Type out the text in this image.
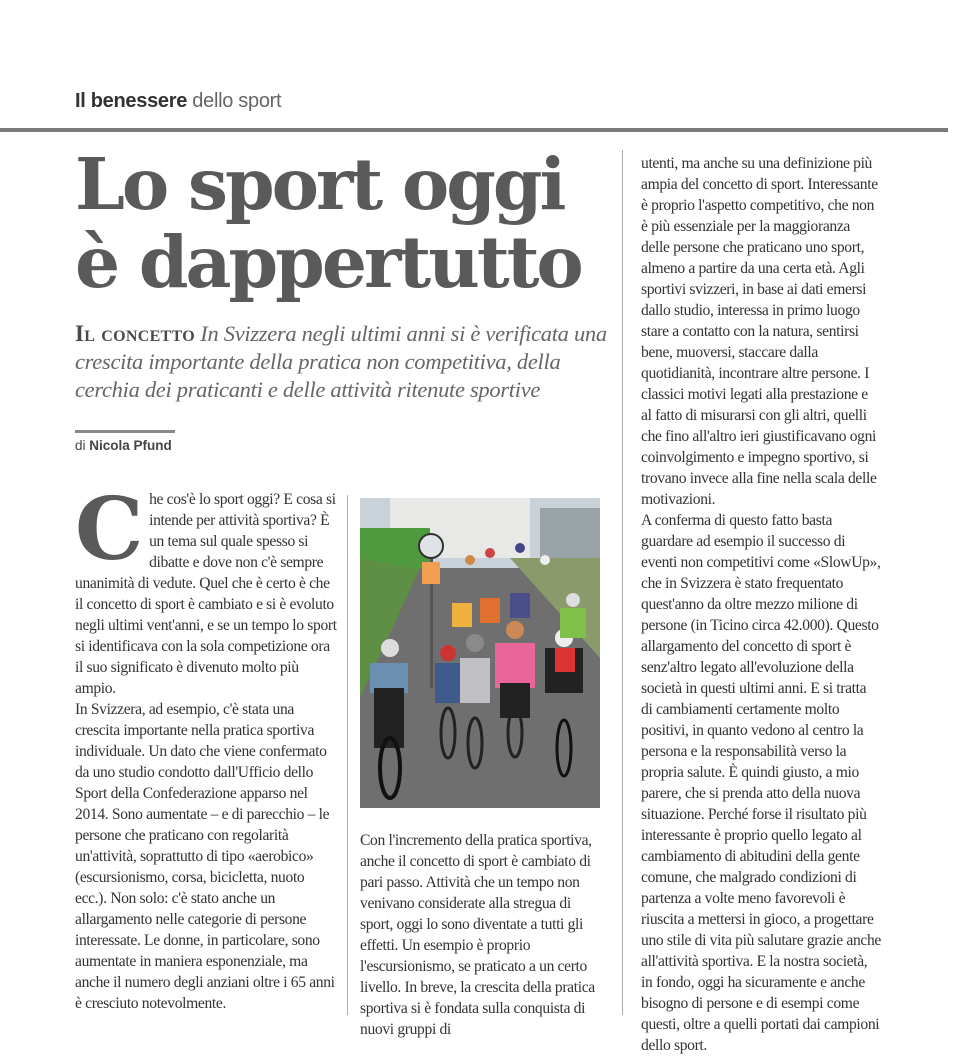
Il benessere dello sport
Lo sport oggi
è dappertutto
Il concetto In Svizzera negli ultimi anni si è verificata una crescita importante della pratica non competitiva, della cerchia dei praticanti e delle attività ritenute sportive
di Nicola Pfund
C he cos'è lo sport oggi? E cosa si intende per attività sportiva? È un tema sul quale spesso si dibatte e dove non c'è sempre unanimità di vedute. Quel che è certo è che il concetto di sport è cambiato e si è evoluto negli ultimi vent'anni, e se un tempo lo sport si identificava con la sola competizione ora il suo significato è divenuto molto più ampio.

In Svizzera, ad esempio, c'è stata una crescita importante nella pratica sportiva individuale. Un dato che viene confermato da uno studio condotto dall'Ufficio dello Sport della Confederazione apparso nel 2014. Sono aumentate – e di parecchio – le persone che praticano con regolarità un'attività, soprattutto di tipo «aerobico» (escursionismo, corsa, bicicletta, nuoto ecc.). Non solo: c'è stato anche un allargamento nelle categorie di persone interessate. Le donne, in particolare, sono aumentate in maniera esponenziale, ma anche il numero degli anziani oltre i 65 anni è cresciuto notevolmente.

Con l'incremento della pratica sportiva, anche il concetto di sport è cambiato di pari passo. Attività che un tempo non venivano considerate alla stregua di sport, oggi lo sono diventate a tutti gli effetti. Un esempio è proprio l'escursionismo, se praticato a un certo livello. In breve, la crescita della pratica sportiva si è fondata sulla conquista di nuovi gruppi di

utenti, ma anche su una definizione più ampia del concetto di sport. Interessante è proprio l'aspetto competitivo, che non è più essenziale per la maggioranza delle persone che praticano uno sport, almeno a partire da una certa età. Agli sportivi svizzeri, in base ai dati emersi dallo studio, interessa in primo luogo stare a contatto con la natura, sentirsi bene, muoversi, staccare dalla quotidianità, incontrare altre persone. I classici motivi legati alla prestazione e al fatto di misurarsi con gli altri, quelli che fino all'altro ieri giustificavano ogni coinvolgimento e impegno sportivo, si trovano invece alla fine nella scala delle motivazioni.

A conferma di questo fatto basta guardare ad esempio il successo di eventi non competitivi come «SlowUp», che in Svizzera è stato frequentato quest'anno da oltre mezzo milione di persone (in Ticino circa 42.000). Questo allargamento del concetto di sport è senz'altro legato all'evoluzione della società in questi ultimi anni. E si tratta di cambiamenti certamente molto positivi, in quanto vedono al centro la persona e la responsabilità verso la propria salute. È quindi giusto, a mio parere, che si prenda atto della nuova situazione. Perché forse il risultato più interessante è proprio quello legato al cambiamento di abitudini della gente comune, che malgrado condizioni di partenza a volte meno favorevoli è riuscita a mettersi in gioco, a progettare uno stile di vita più salutare grazie anche all'attività sportiva. E la nostra società, in fondo, oggi ha sicuramente e anche bisogno di persone e di esempi come questi, oltre a quelli portati dai campioni dello sport.
